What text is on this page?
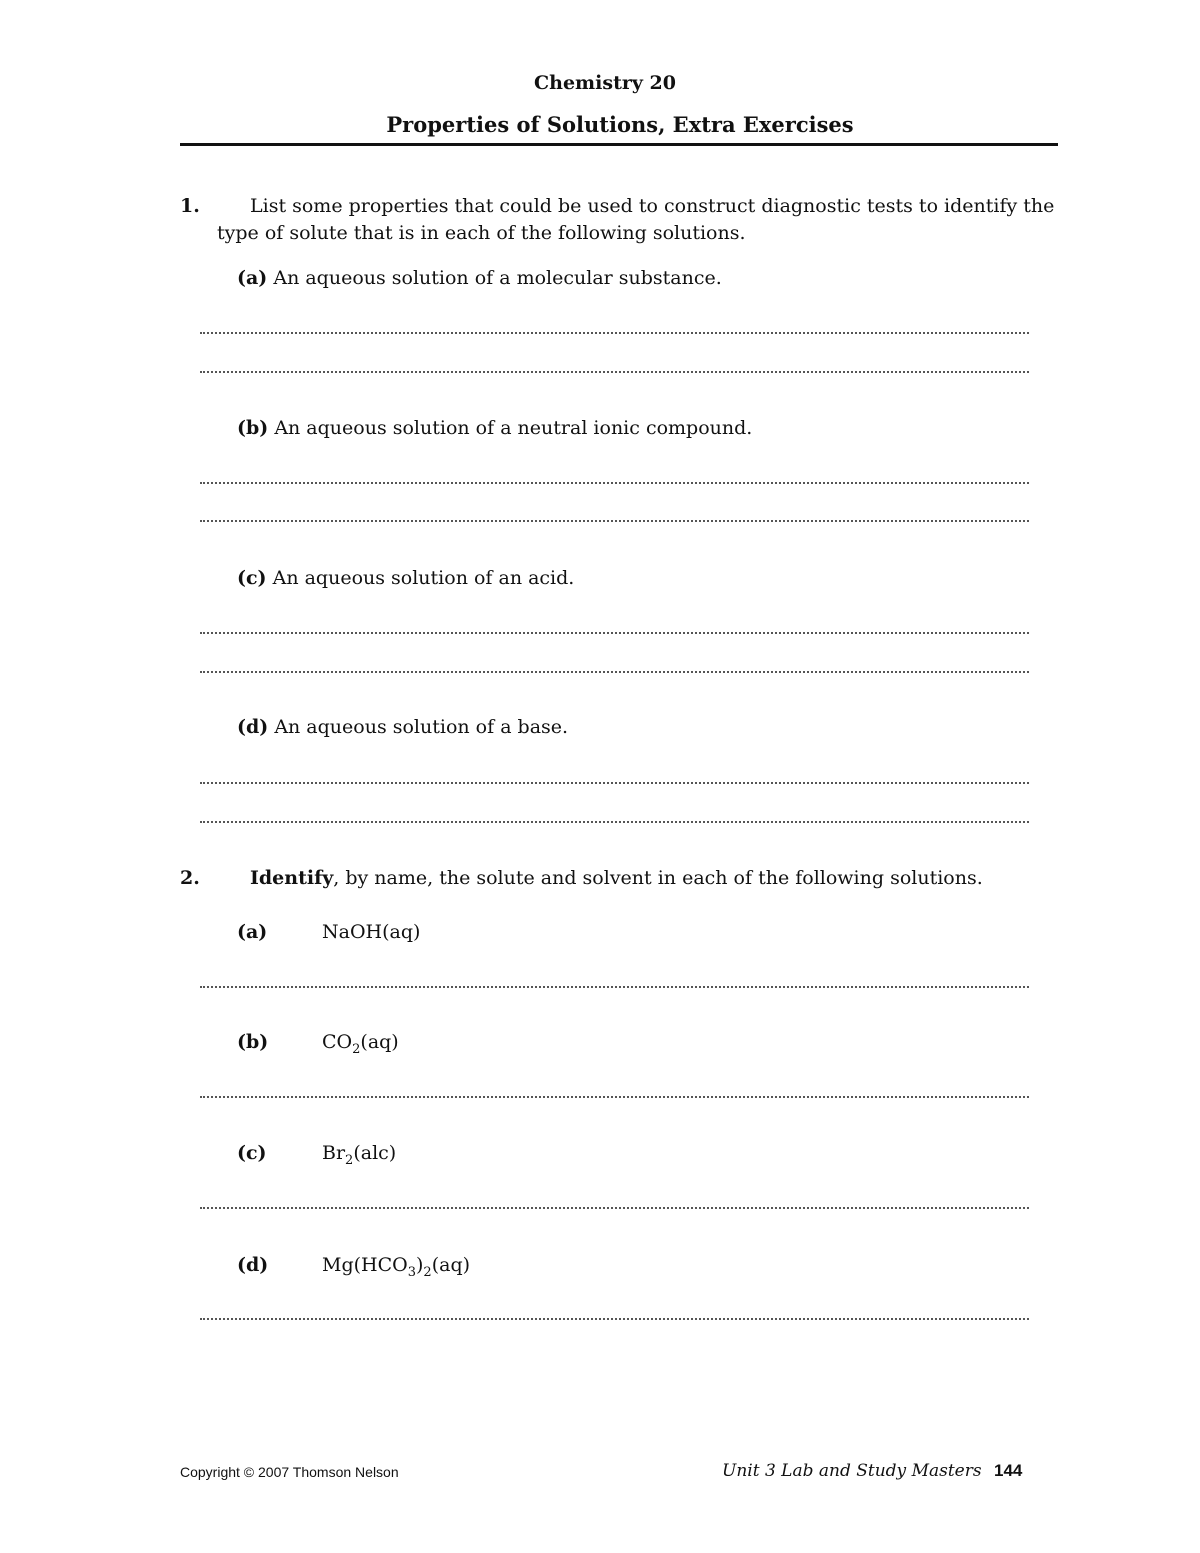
Chemistry 20
Properties of Solutions, Extra Exercises
1.	List some properties that could be used to construct diagnostic tests to identify the
type of solute that is in each of the following solutions.
(a) An aqueous solution of a molecular substance.
(b) An aqueous solution of a neutral ionic compound.
(c) An aqueous solution of an acid.
(d) An aqueous solution of a base.
2.	Identify, by name, the solute and solvent in each of the following solutions.
(a)	NaOH(aq)
(b)	$CO_2(aq)$
(c)	$Br_2(alc)$
(d)	$Mg(HCO_3)_2(aq)$
Copyright © 2007 Thomson Nelson	Unit 3 Lab and Study Masters 144
